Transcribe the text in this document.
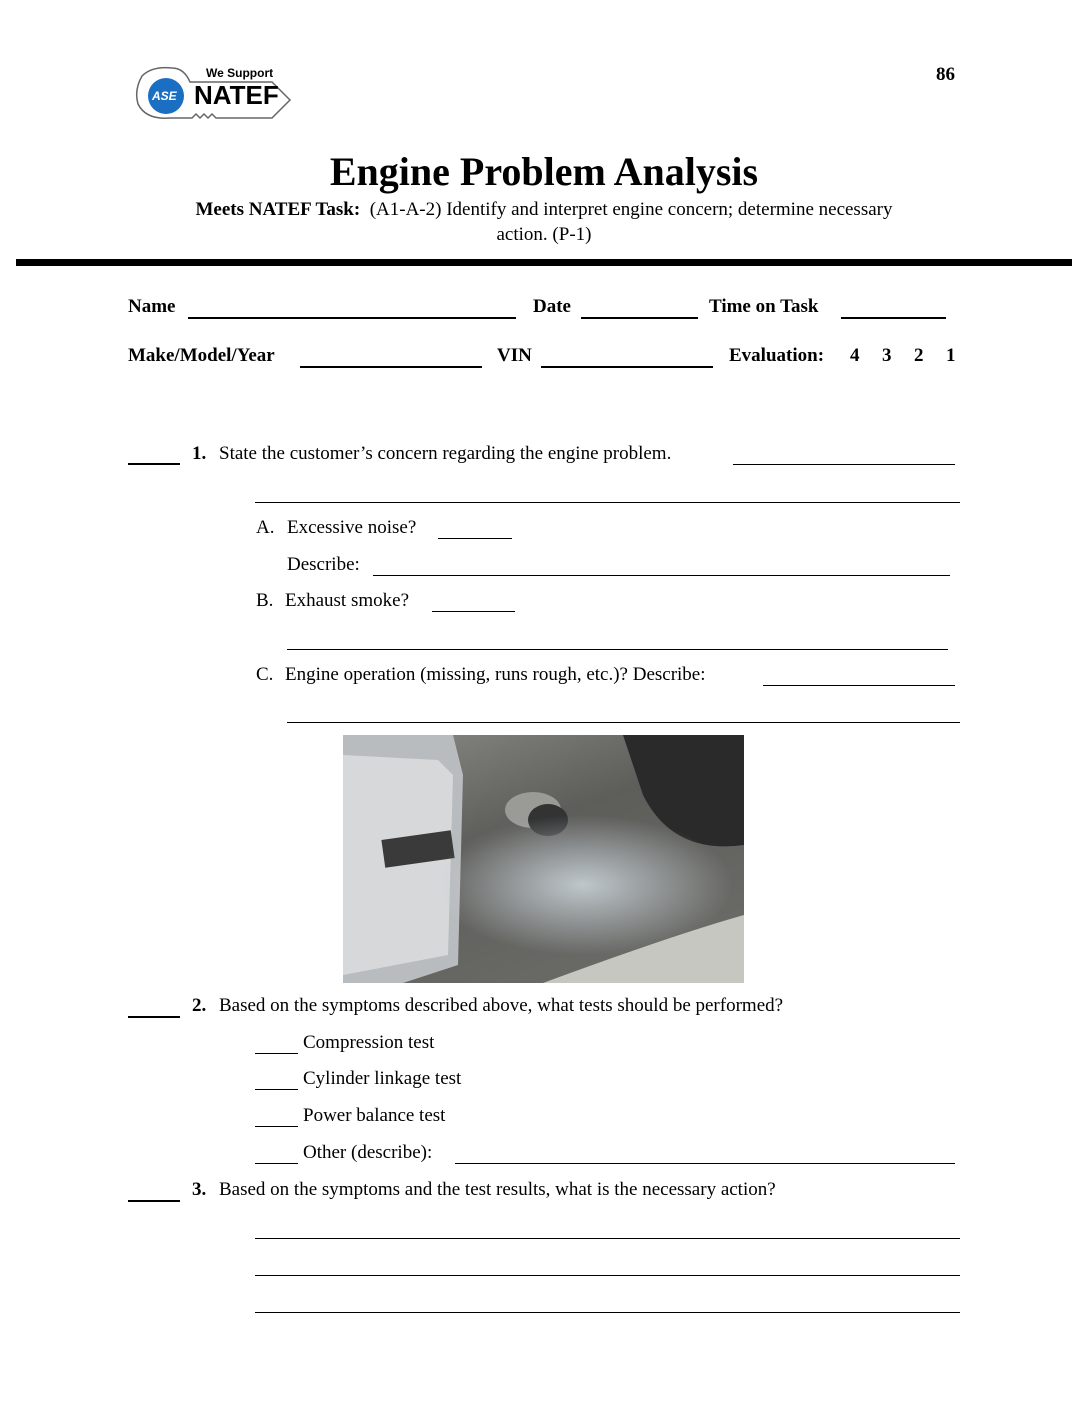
ASE
We Support
NATEF
86
Engine Problem Analysis
Meets NATEF Task: (A1-A-2) Identify and interpret engine concern; determine necessary
action. (P-1)
Name	Date	Time on Task
Make/Model/Year	VIN	Evaluation: 4 3 2 1
1. State the customer’s concern regarding the engine problem.
A. Excessive noise?
Describe:
B. Exhaust smoke?
C. Engine operation (missing, runs rough, etc.)? Describe:
2. Based on the symptoms described above, what tests should be performed?
Compression test
Cylinder linkage test
Power balance test
Other (describe):
3. Based on the symptoms and the test results, what is the necessary action?
